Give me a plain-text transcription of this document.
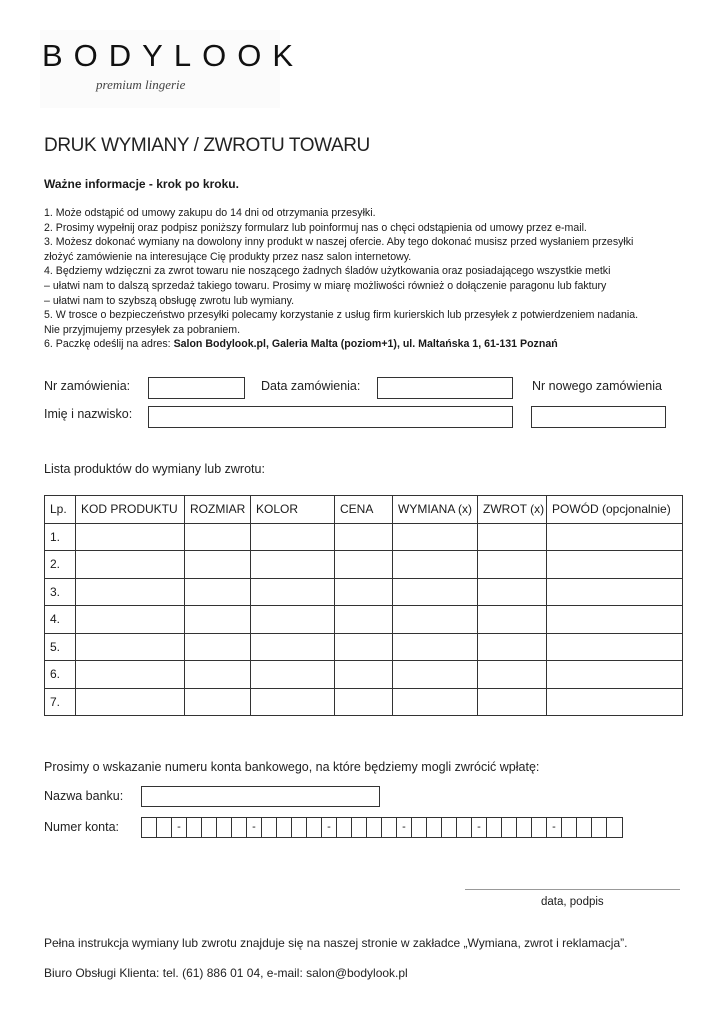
BODYLOOK
premium lingerie
DRUK WYMIANY / ZWROTU TOWARU
Ważne informacje - krok po kroku.

1. Może odstąpić od umowy zakupu do 14 dni od otrzymania przesyłki.

2. Prosimy wypełnij oraz podpisz poniższy formularz lub poinformuj nas o chęci odstąpienia od umowy przez e-mail.

3. Możesz dokonać wymiany na dowolony inny produkt w naszej ofercie. Aby tego dokonać musisz przed wysłaniem przesyłki

złożyć zamówienie na interesujące Cię produkty przez nasz salon internetowy.

4. Będziemy wdzięczni za zwrot towaru nie noszącego żadnych śladów użytkowania oraz posiadającego wszystkie metki

– ułatwi nam to dalszą sprzedaż takiego towaru. Prosimy w miarę możliwości również o dołączenie paragonu lub faktury

– ułatwi nam to szybszą obsługę zwrotu lub wymiany.

5. W trosce o bezpieczeństwo przesyłki polecamy korzystanie z usług firm kurierskich lub przesyłek z potwierdzeniem nadania.

Nie przyjmujemy przesyłek za pobraniem.

6. Paczkę odeślij na adres: Salon Bodylook.pl, Galeria Malta (poziom+1), ul. Maltańska 1, 61-131 Poznań

Nr zamówienia:	Data zamówienia:	Nr nowego zamówienia
Imię i nazwisko:
Lista produktów do wymiany lub zwrotu:
Lp.	KOD PRODUKTU	ROZMIAR	KOLOR	CENA	WYMIANA (x)	ZWROT (x)	POWÓD (opcjonalnie)
1.							
2.							
3.							
4.							
5.							
6.							
7.							
Prosimy o wskazanie numeru konta bankowego, na które będziemy mogli zwrócić wpłatę:
Nazwa banku:
Numer konta:	-	-	-	-	-	-
data, podpis
Pełna instrukcja wymiany lub zwrotu znajduje się na naszej stronie w zakładce „Wymiana, zwrot i reklamacja”.
Biuro Obsługi Klienta: tel. (61) 886 01 04, e-mail: salon@bodylook.pl
